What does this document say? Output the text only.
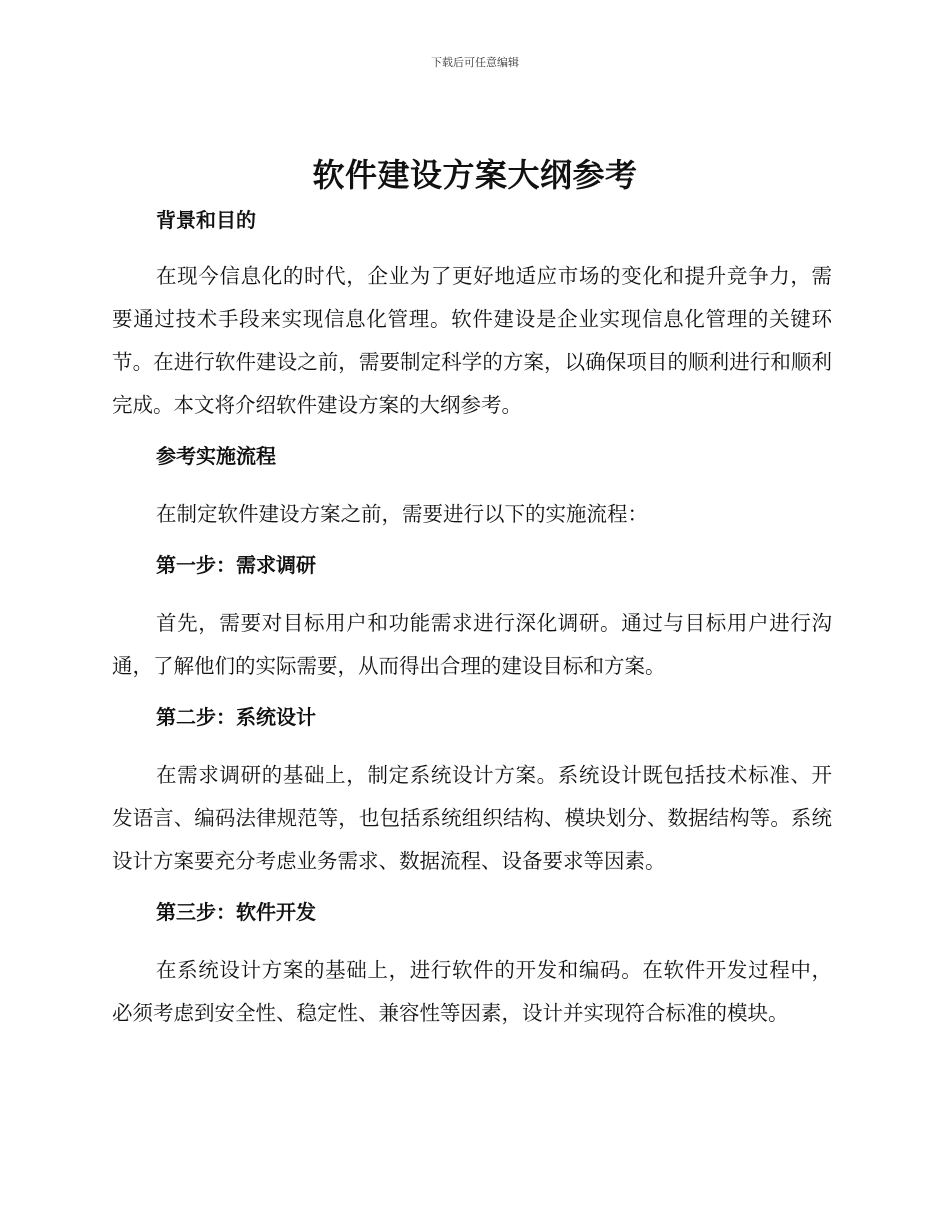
下载后可任意编辑
软件建设方案大纲参考
背景和目的
在现今信息化的时代，企业为了更好地适应市场的变化和提升竞争力，需要通过技术手段来实现信息化管理。软件建设是企业实现信息化管理的关键环节。在进行软件建设之前，需要制定科学的方案，以确保项目的顺利进行和顺利完成。本文将介绍软件建设方案的大纲参考。
参考实施流程
在制定软件建设方案之前，需要进行以下的实施流程：
第一步：需求调研
首先，需要对目标用户和功能需求进行深化调研。通过与目标用户进行沟通，了解他们的实际需要，从而得出合理的建设目标和方案。
第二步：系统设计
在需求调研的基础上，制定系统设计方案。系统设计既包括技术标准、开发语言、编码法律规范等，也包括系统组织结构、模块划分、数据结构等。系统设计方案要充分考虑业务需求、数据流程、设备要求等因素。
第三步：软件开发
在系统设计方案的基础上，进行软件的开发和编码。在软件开发过程中，必须考虑到安全性、稳定性、兼容性等因素，设计并实现符合标准的模块。
